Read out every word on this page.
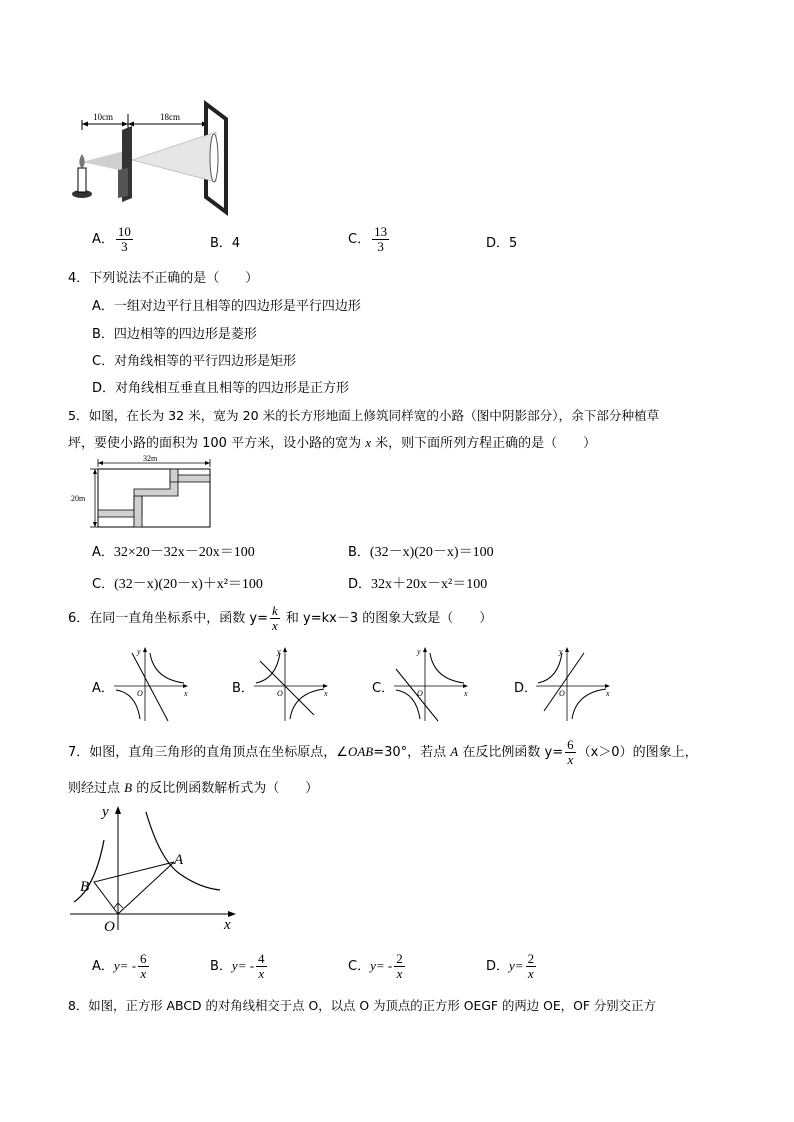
10cm	18cm
A． $\frac{10}{3}$	B．4	C． $\frac{13}{3}$	D．5
4．下列说法不正确的是（　　）
A．一组对边平行且相等的四边形是平行四边形
B．四边相等的四边形是菱形
C．对角线相等的平行四边形是矩形
D．对角线相互垂直且相等的四边形是正方形
5．如图，在长为 32 米，宽为 20 米的长方形地面上修筑同样宽的小路（图中阴影部分），余下部分种植草
坪，要使小路的面积为 100 平方米，设小路的宽为 x 米，则下面所列方程正确的是（　　）
32m
20m
A．32×20－32x－20x＝100	B．(32－x)(20－x)＝100
C．(32－x)(20－x)＋x²＝100	D．32x＋20x－x²＝100
6．在同一直角坐标系中，函数 $y= \frac{k}{x}$ 和 y=kx－3 的图象大致是（　　）
A．
y
x
O	B．
y
x
O	C．
y
x
O	D．
y
x
O
7．如图，直角三角形的直角顶点在坐标原点，∠OAB=30°，若点 A 在反比例函数 $y= \frac{6}{x} (x>0)$的图象上，
则经过点 B 的反比例函数解析式为（　　）
y
x
O
A
B
A．$y= - \frac{6}{x}$	B．$y= - \frac{4}{x}$	C．$y= - \frac{2}{x}$	D．$y= \frac{2}{x}$
8．如图，正方形 ABCD 的对角线相交于点 O，以点 O 为顶点的正方形 OEGF 的两边 OE，OF 分别交正方
